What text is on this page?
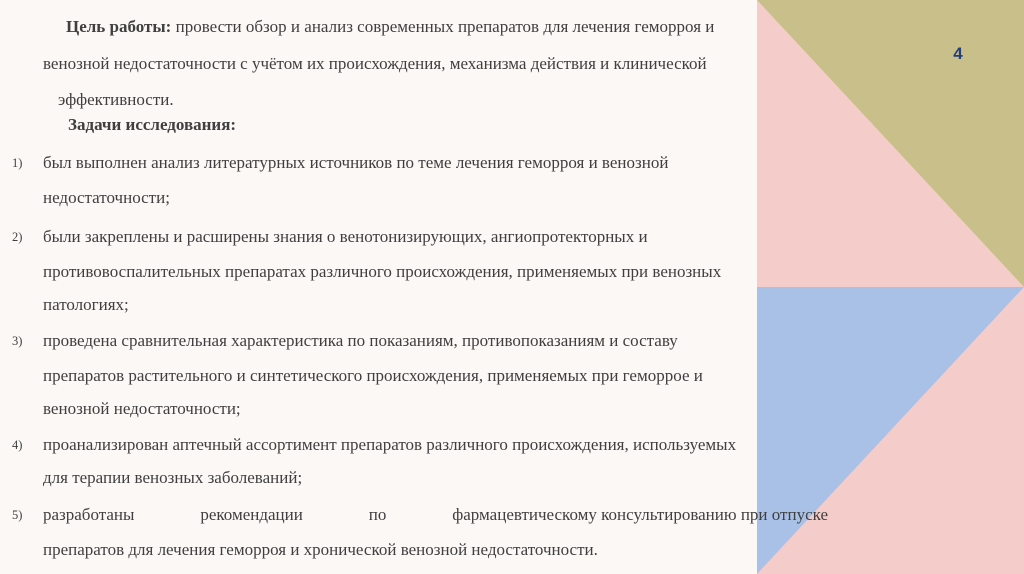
4
Цель работы: провести обзор и анализ современных препаратов для лечения геморроя и
венозной недостаточности с учётом их происхождения, механизма действия и клинической
эффективности.
Задачи исследования:
1) был выполнен анализ литературных источников по теме лечения геморроя и венозной
недостаточности;
2) были закреплены и расширены знания о венотонизирующих, ангиопротекторных и
противовоспалительных препаратах различного происхождения, применяемых при венозных
патологиях;
3) проведена сравнительная характеристика по показаниям, противопоказаниям и составу
препаратов растительного и синтетического происхождения, применяемых при геморрое и
венозной недостаточности;
4) проанализирован аптечный ассортимент препаратов различного происхождения, используемых
для терапии венозных заболеваний;
5) разработаны	рекомендации	по	фармацевтическому консультированию при отпуске
препаратов для лечения геморроя и хронической венозной недостаточности.
